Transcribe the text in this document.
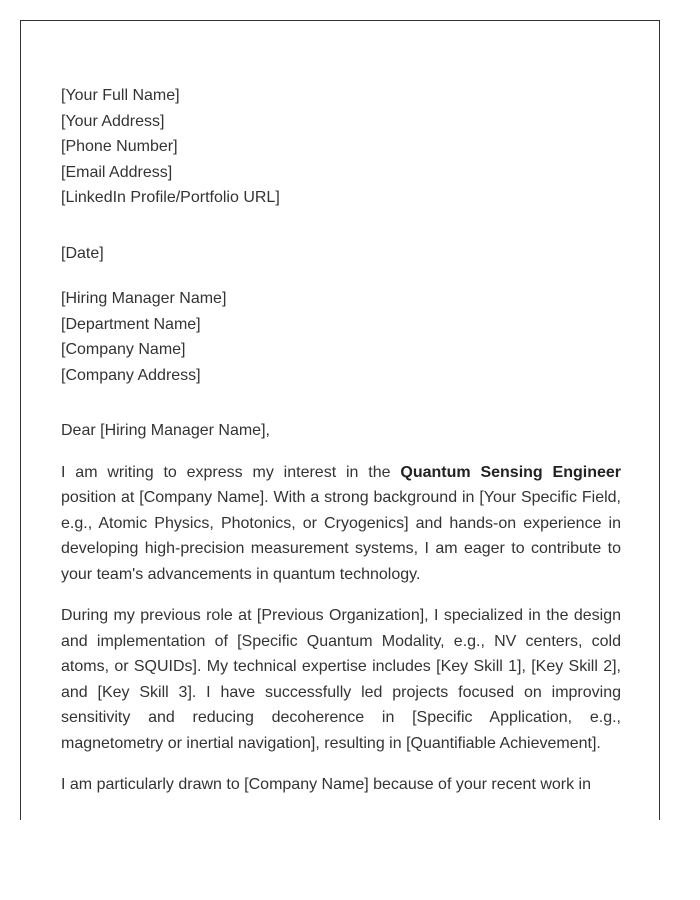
[Your Full Name]
[Your Address]
[Phone Number]
[Email Address]
[LinkedIn Profile/Portfolio URL]
[Date]
[Hiring Manager Name]
[Department Name]
[Company Name]
[Company Address]
Dear [Hiring Manager Name],

I am writing to express my interest in the Quantum Sensing Engineer position at [Company Name]. With a strong background in [Your Specific Field, e.g., Atomic Physics, Photonics, or Cryogenics] and hands-on experience in developing high-precision measurement systems, I am eager to contribute to your team's advancements in quantum technology.

During my previous role at [Previous Organization], I specialized in the design and implementation of [Specific Quantum Modality, e.g., NV centers, cold atoms, or SQUIDs]. My technical expertise includes [Key Skill 1], [Key Skill 2], and [Key Skill 3]. I have successfully led projects focused on improving sensitivity and reducing decoherence in [Specific Application, e.g., magnetometry or inertial navigation], resulting in [Quantifiable Achievement].

I am particularly drawn to [Company Name] because of your recent work in
